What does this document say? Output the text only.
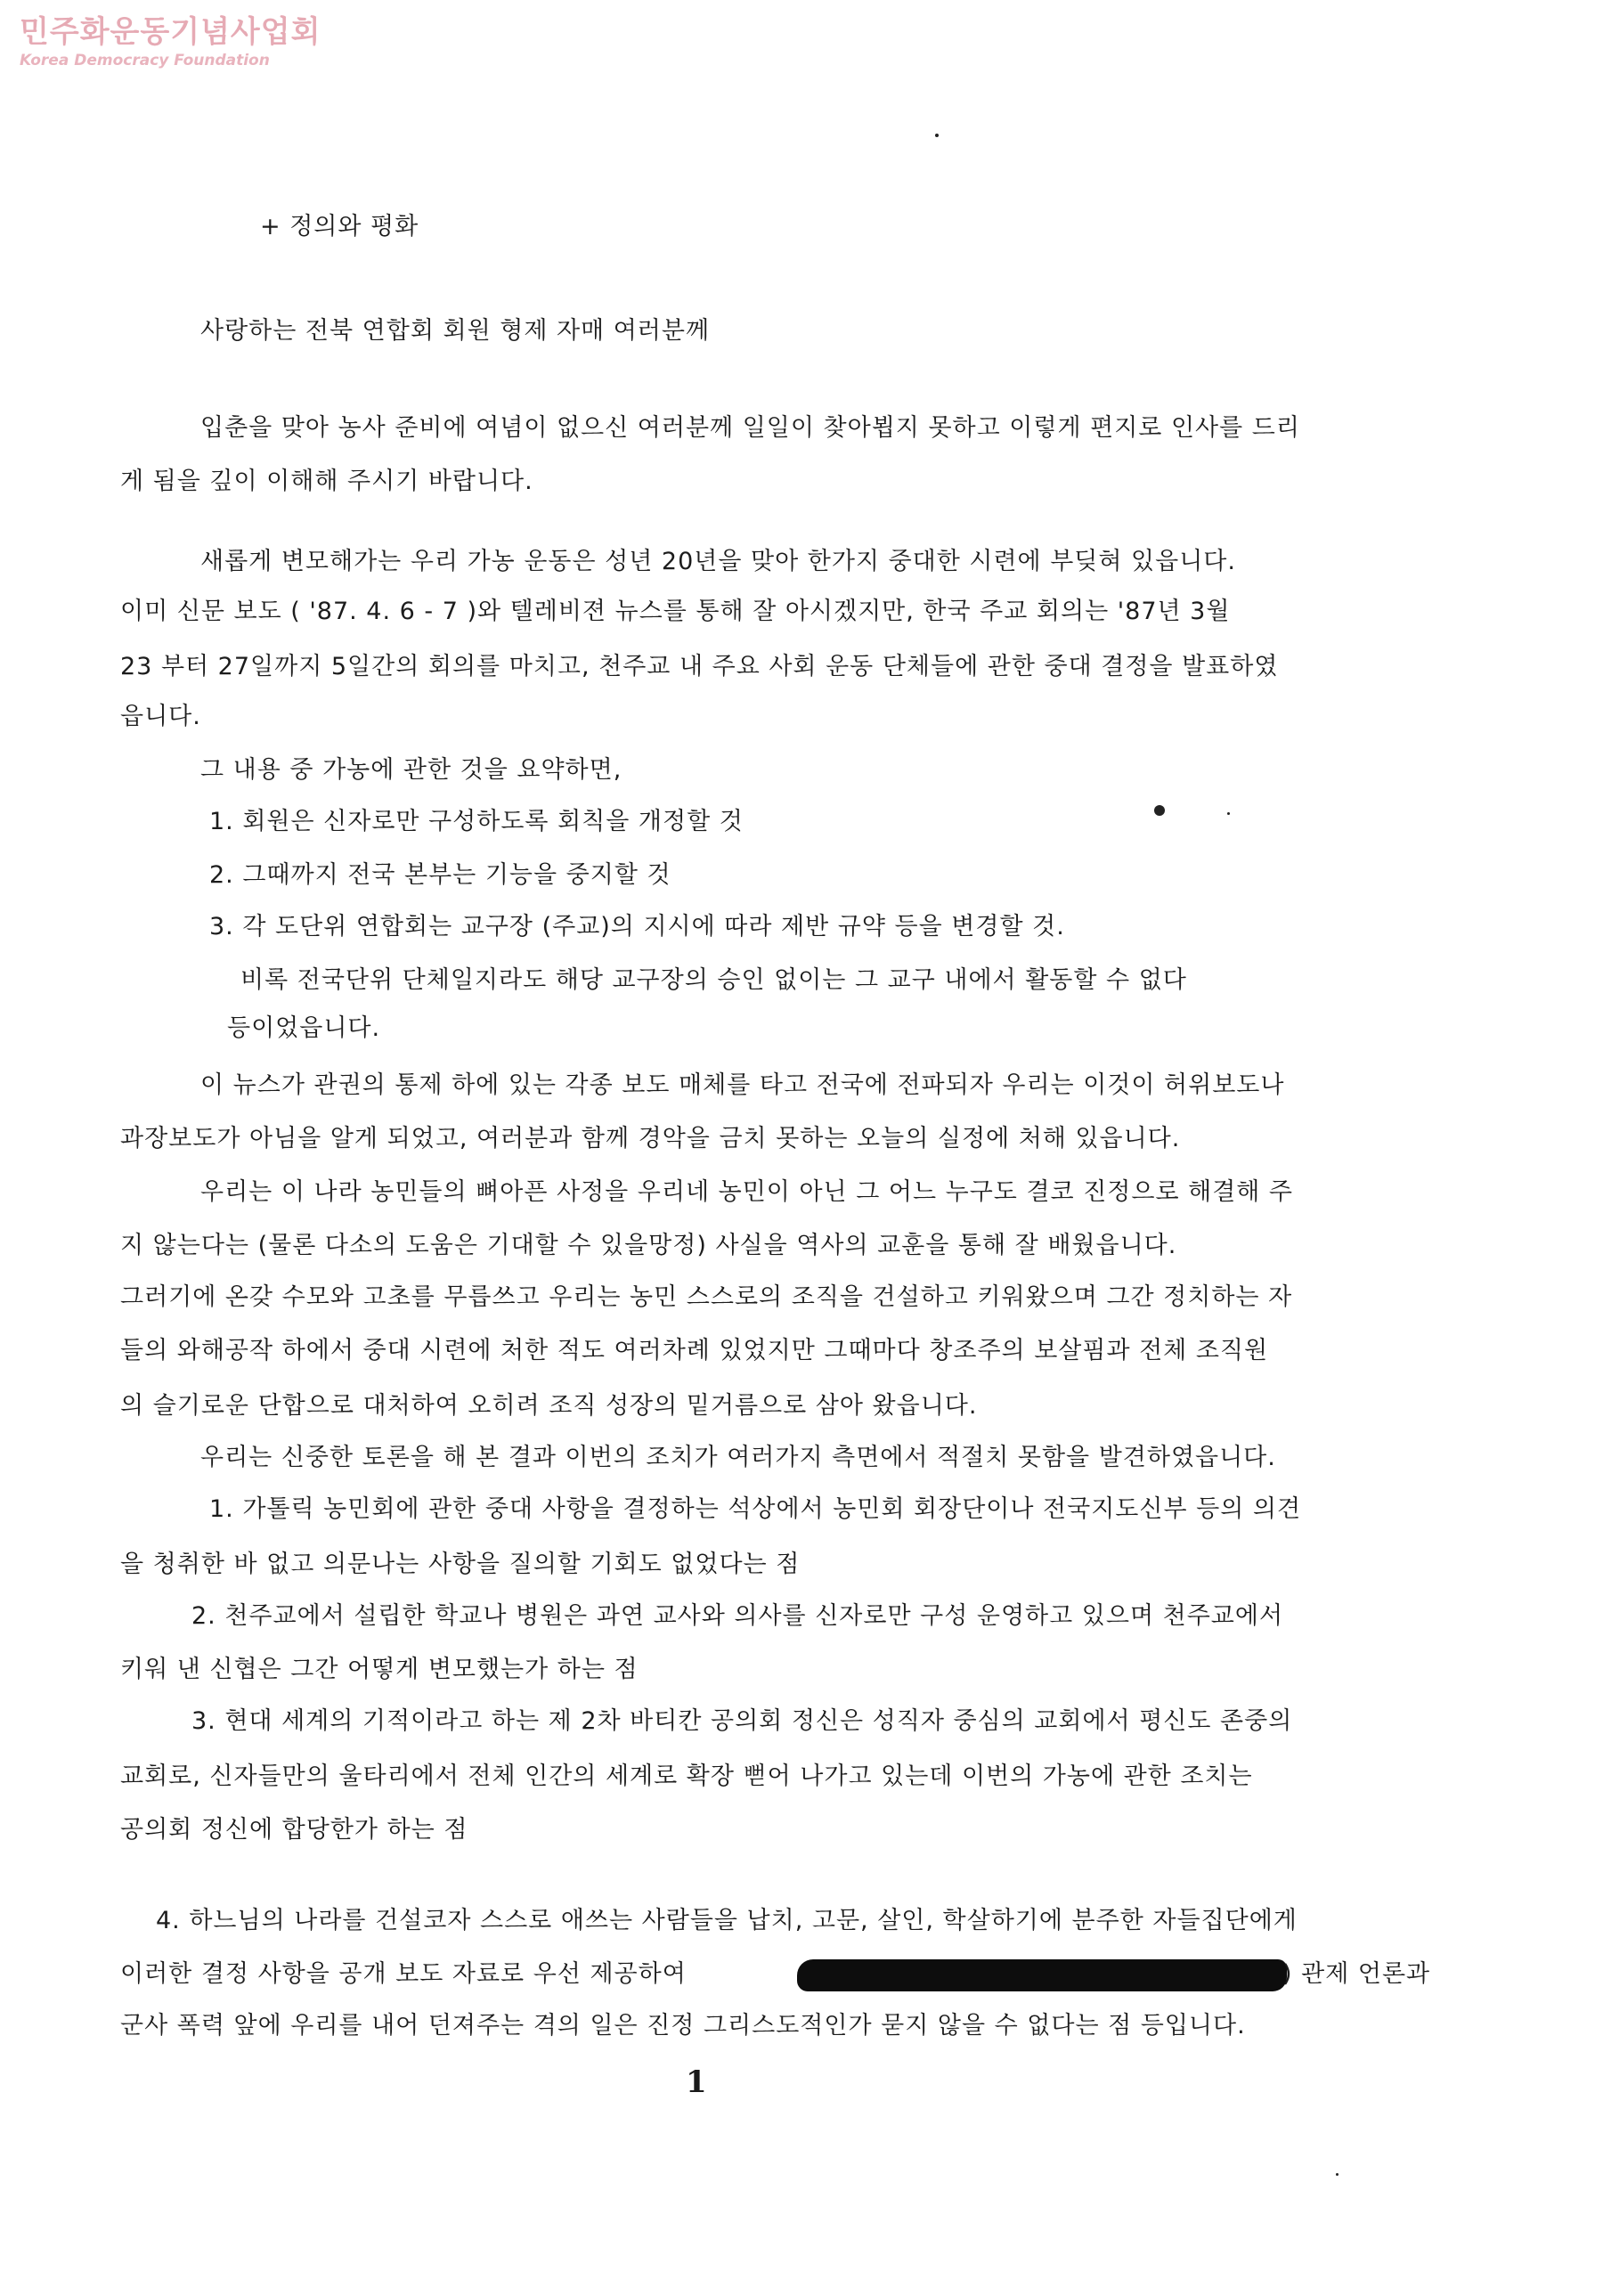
민주화운동기념사업회
Korea Democracy Foundation
+ 정의와 평화
사랑하는 전북 연합회 회원 형제 자매 여러분께
입춘을 맞아 농사 준비에 여념이 없으신 여러분께 일일이 찾아뵙지 못하고 이렇게 편지로 인사를 드리
게 됨을 깊이 이해해 주시기 바랍니다.
새롭게 변모해가는 우리 가농 운동은 성년 20년을 맞아 한가지 중대한 시련에 부딪혀 있읍니다.
이미 신문 보도 ( '87. 4. 6 - 7 )와 텔레비젼 뉴스를 통해 잘 아시겠지만, 한국 주교 회의는 '87년 3월
23 부터 27일까지 5일간의 회의를 마치고, 천주교 내 주요 사회 운동 단체들에 관한 중대 결정을 발표하였
읍니다.
그 내용 중 가농에 관한 것을 요약하면,
1. 회원은 신자로만 구성하도록 회칙을 개정할 것
2. 그때까지 전국 본부는 기능을 중지할 것
3. 각 도단위 연합회는 교구장 (주교)의 지시에 따라 제반 규약 등을 변경할 것.
비록 전국단위 단체일지라도 해당 교구장의 승인 없이는 그 교구 내에서 활동할 수 없다
등이었읍니다.
이 뉴스가 관권의 통제 하에 있는 각종 보도 매체를 타고 전국에 전파되자 우리는 이것이 허위보도나
과장보도가 아님을 알게 되었고, 여러분과 함께 경악을 금치 못하는 오늘의 실정에 처해 있읍니다.
우리는 이 나라 농민들의 뼈아픈 사정을 우리네 농민이 아닌 그 어느 누구도 결코 진정으로 해결해 주
지 않는다는 (물론 다소의 도움은 기대할 수 있을망정) 사실을 역사의 교훈을 통해 잘 배웠읍니다.
그러기에 온갖 수모와 고초를 무릅쓰고 우리는 농민 스스로의 조직을 건설하고 키워왔으며 그간 정치하는 자
들의 와해공작 하에서 중대 시련에 처한 적도 여러차례 있었지만 그때마다 창조주의 보살핌과 전체 조직원
의 슬기로운 단합으로 대처하여 오히려 조직 성장의 밑거름으로 삼아 왔읍니다.
우리는 신중한 토론을 해 본 결과 이번의 조치가 여러가지 측면에서 적절치 못함을 발견하였읍니다.
1. 가톨릭 농민회에 관한 중대 사항을 결정하는 석상에서 농민회 회장단이나 전국지도신부 등의 의견
을 청취한 바 없고 의문나는 사항을 질의할 기회도 없었다는 점
2. 천주교에서 설립한 학교나 병원은 과연 교사와 의사를 신자로만 구성 운영하고 있으며 천주교에서
키워 낸 신협은 그간 어떻게 변모했는가 하는 점
3. 현대 세계의 기적이라고 하는 제 2차 바티칸 공의회 정신은 성직자 중심의 교회에서 평신도 존중의
교회로, 신자들만의 울타리에서 전체 인간의 세계로 확장 뻗어 나가고 있는데 이번의 가농에 관한 조치는
공의회 정신에 합당한가 하는 점
4. 하느님의 나라를 건설코자 스스로 애쓰는 사람들을 납치, 고문, 살인, 학살하기에 분주한 자들집단에게
이러한 결정 사항을 공개 보도 자료로 우선 제공하여	) 관제 언론과
군사 폭력 앞에 우리를 내어 던져주는 격의 일은 진정 그리스도적인가 묻지 않을 수 없다는 점 등입니다.
1
